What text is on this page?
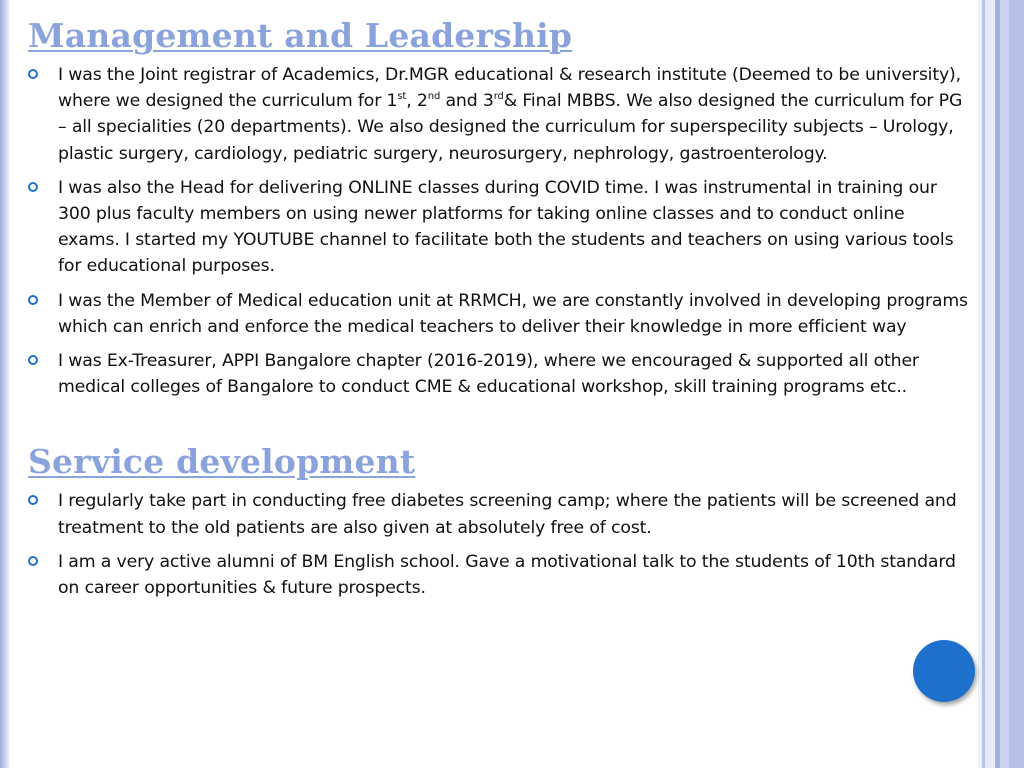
Management and Leadership
I was the Joint registrar of Academics, Dr.MGR educational & research institute (Deemed to be university), where we designed the curriculum for 1st, 2nd and 3rd& Final MBBS. We also designed the curriculum for PG – all specialities (20 departments). We also designed the curriculum for superspecility subjects – Urology, plastic surgery, cardiology, pediatric surgery, neurosurgery, nephrology, gastroenterology.
I was also the Head for delivering ONLINE classes during COVID time. I was instrumental in training our 300 plus faculty members on using newer platforms for taking online classes and to conduct online exams. I started my YOUTUBE channel to facilitate both the students and teachers on using various tools for educational purposes.
I was the Member of Medical education unit at RRMCH, we are constantly involved in developing programs which can enrich and enforce the medical teachers to deliver their knowledge in more efficient way
I was Ex-Treasurer, APPI Bangalore chapter (2016-2019), where we encouraged & supported all other medical colleges of Bangalore to conduct CME & educational workshop, skill training programs etc..
Service development
I regularly take part in conducting free diabetes screening camp; where the patients will be screened and treatment to the old patients are also given at absolutely free of cost.
I am a very active alumni of BM English school. Gave a motivational talk to the students of 10th standard on career opportunities & future prospects.
